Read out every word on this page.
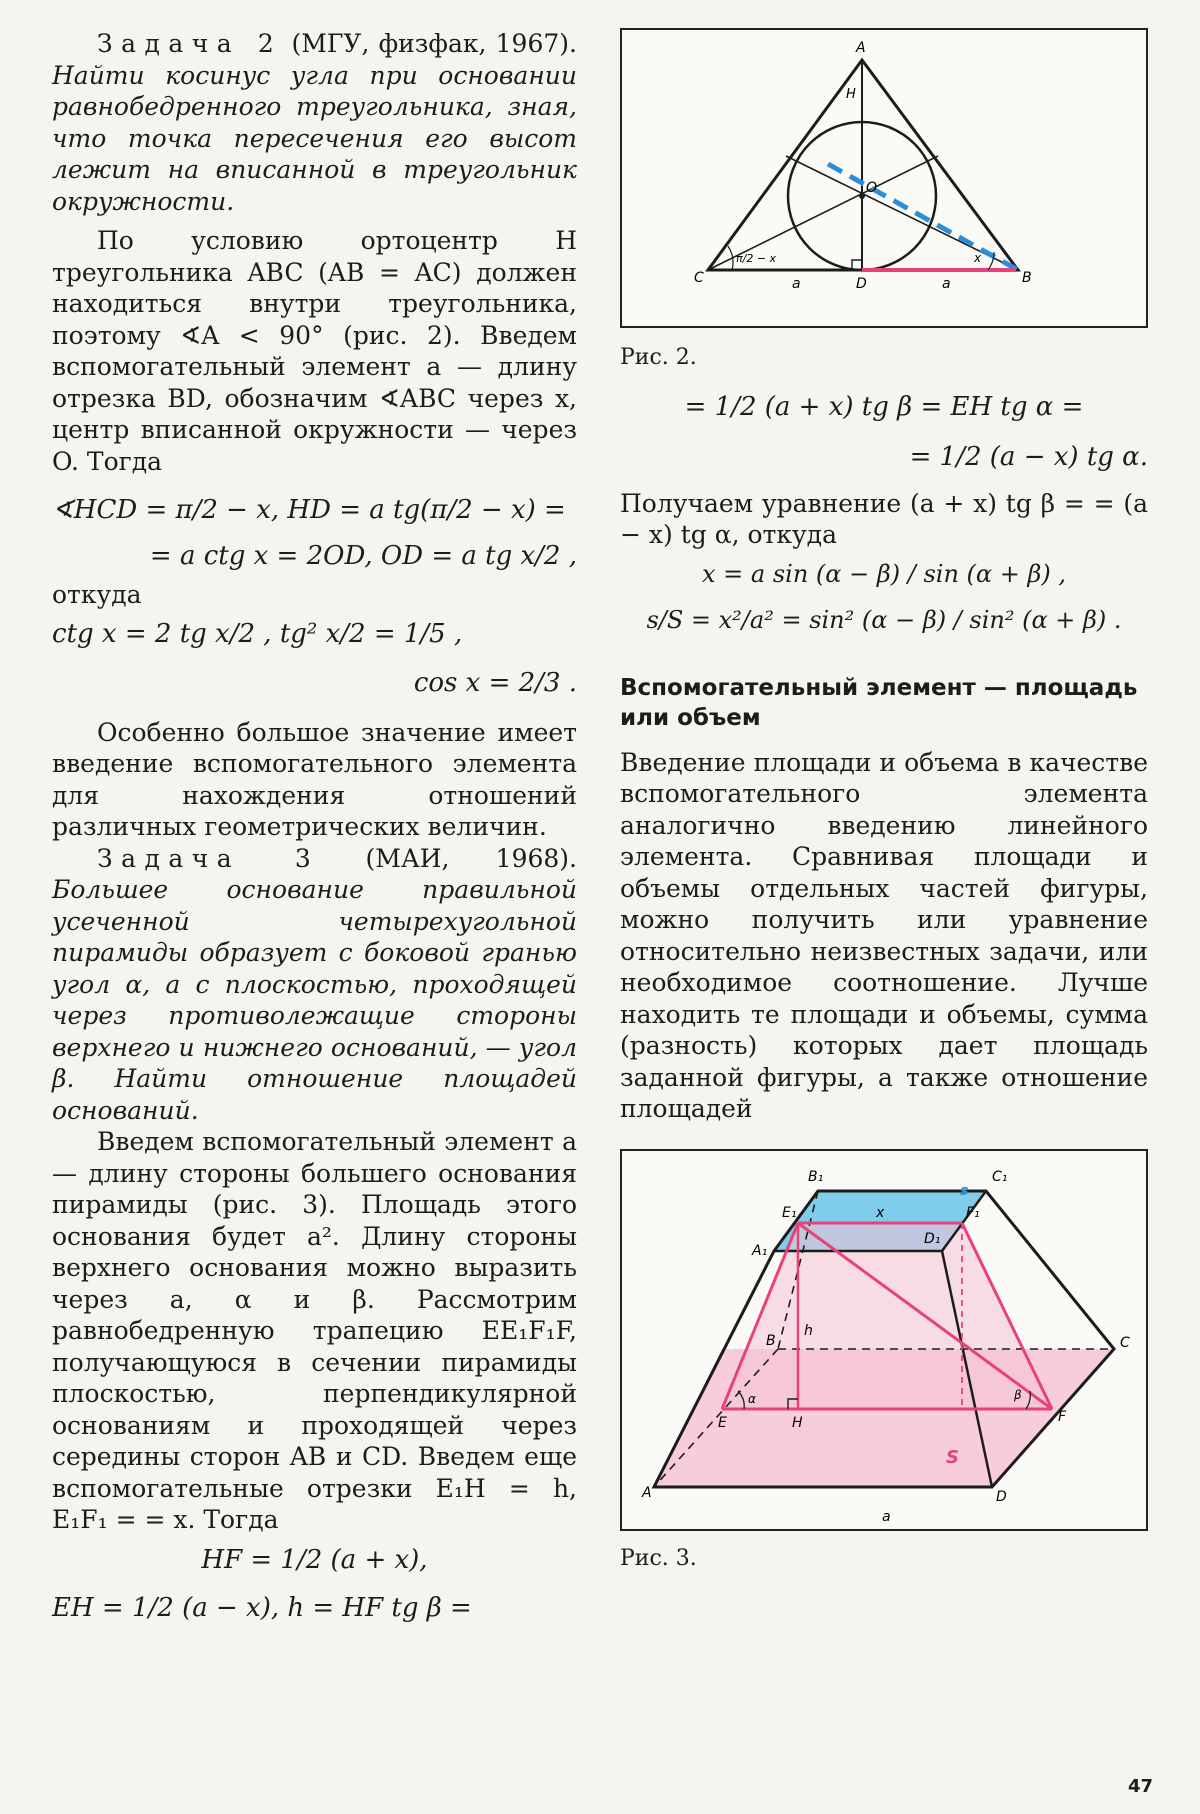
Задача 2 (МГУ, физфак, 1967). Найти косинус угла при основании равнобедренного треугольника, зная, что точка пересечения его высот лежит на вписанной в треугольник окружности.

По условию ортоцентр H треугольника ABC (AB = AC) должен находиться внутри треугольника, поэтому ∢A < 90° (рис. 2). Введем вспомогательный элемент a — длину отрезка BD, обозначим ∢ABC через x, центр вписанной окружности — через O. Тогда

∢HCD = π/2 − x, HD = a tg(π/2 − x) =

= a ctg x = 2OD, OD = a tg x/2 ,

откуда

ctg x = 2 tg x/2 , tg² x/2 = 1/5 ,

cos x = 2/3 .

Особенно большое значение имеет введение вспомогательного элемента для нахождения отношений различных геометрических величин.

Задача 3 (МАИ, 1968). Большее основание правильной усеченной четырехугольной пирамиды образует с боковой гранью угол α, а с плоскостью, проходящей через противолежащие стороны верхнего и нижнего оснований, — угол β. Найти отношение площадей оснований.

Введем вспомогательный элемент a — длину стороны большего основания пирамиды (рис. 3). Площадь этого основания будет a². Длину стороны верхнего основания можно выразить через a, α и β. Рассмотрим равнобедренную трапецию EE₁F₁F, получающуюся в сечении пирамиды плоскостью, перпендикулярной основаниям и проходящей через середины сторон AB и CD. Введем еще вспомогательные отрезки E₁H = h, E₁F₁ = = x. Тогда

HF = 1/2 (a + x),

EH = 1/2 (a − x), h = HF tg β =

A
B
C	D
H
O
a	a
π/2 − x	x

Рис. 2.

= 1/2 (a + x) tg β = EH tg α =

= 1/2 (a − x) tg α.

Получаем уравнение (a + x) tg β = = (a − x) tg α, откуда

x = a sin (α − β) / sin (α + β) ,

s/S = x²/a² = sin² (α − β) / sin² (α + β) .

Вспомогательный элемент — площадь или объем

Введение площади и объема в качестве вспомогательного элемента аналогично введению линейного элемента. Сравнивая площади и объемы отдельных частей фигуры, можно получить или уравнение относительно неизвестных задачи, или необходимое соотношение. Лучше находить те площади и объемы, сумма (разность) которых дает площадь заданной фигуры, а также отношение площадей

A
B	C
D
E	F
H
h
A₁
B₁	C₁
D₁
E₁	F₁
x
a
s
S
α	β

Рис. 3.

47
